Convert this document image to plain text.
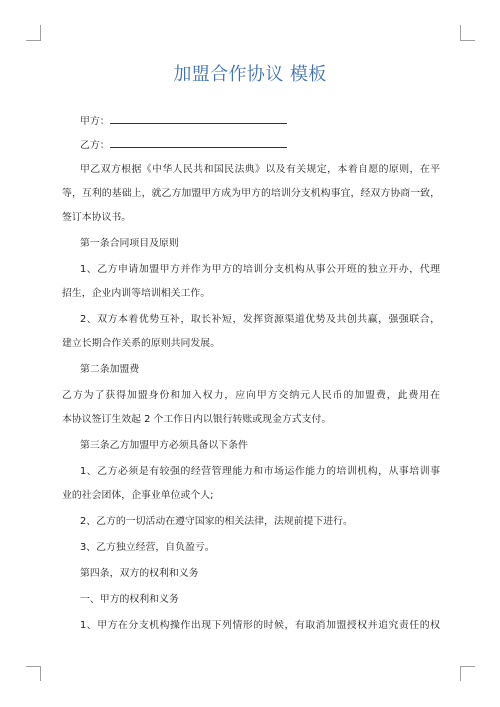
加盟合作协议 模板
甲方：
乙方：
甲乙双方根据《中华人民共和国民法典》以及有关规定，本着自愿的原则，在平
等，互利的基础上，就乙方加盟甲方成为甲方的培训分支机构事宜，经双方协商一致，
签订本协议书。
第一条合同项目及原则
1、乙方申请加盟甲方并作为甲方的培训分支机构从事公开班的独立开办，代理
招生，企业内训等培训相关工作。
2、双方本着优势互补，取长补短，发挥资源渠道优势及共创共赢，强强联合，
建立长期合作关系的原则共同发展。
第二条加盟费
乙方为了获得加盟身份和加入权力，应向甲方交纳元人民币的加盟费，此费用在
本协议签订生效起 2 个工作日内以银行转账或现金方式支付。
第三条乙方加盟甲方必须具备以下条件
1、乙方必须是有较强的经营管理能力和市场运作能力的培训机构，从事培训事
业的社会团体，企事业单位或个人;
2、乙方的一切活动在遵守国家的相关法律，法规前提下进行。
3、乙方独立经营，自负盈亏。
第四条，双方的权利和义务
一、甲方的权利和义务
1、甲方在分支机构操作出现下列情形的时候，有取消加盟授权并追究责任的权
